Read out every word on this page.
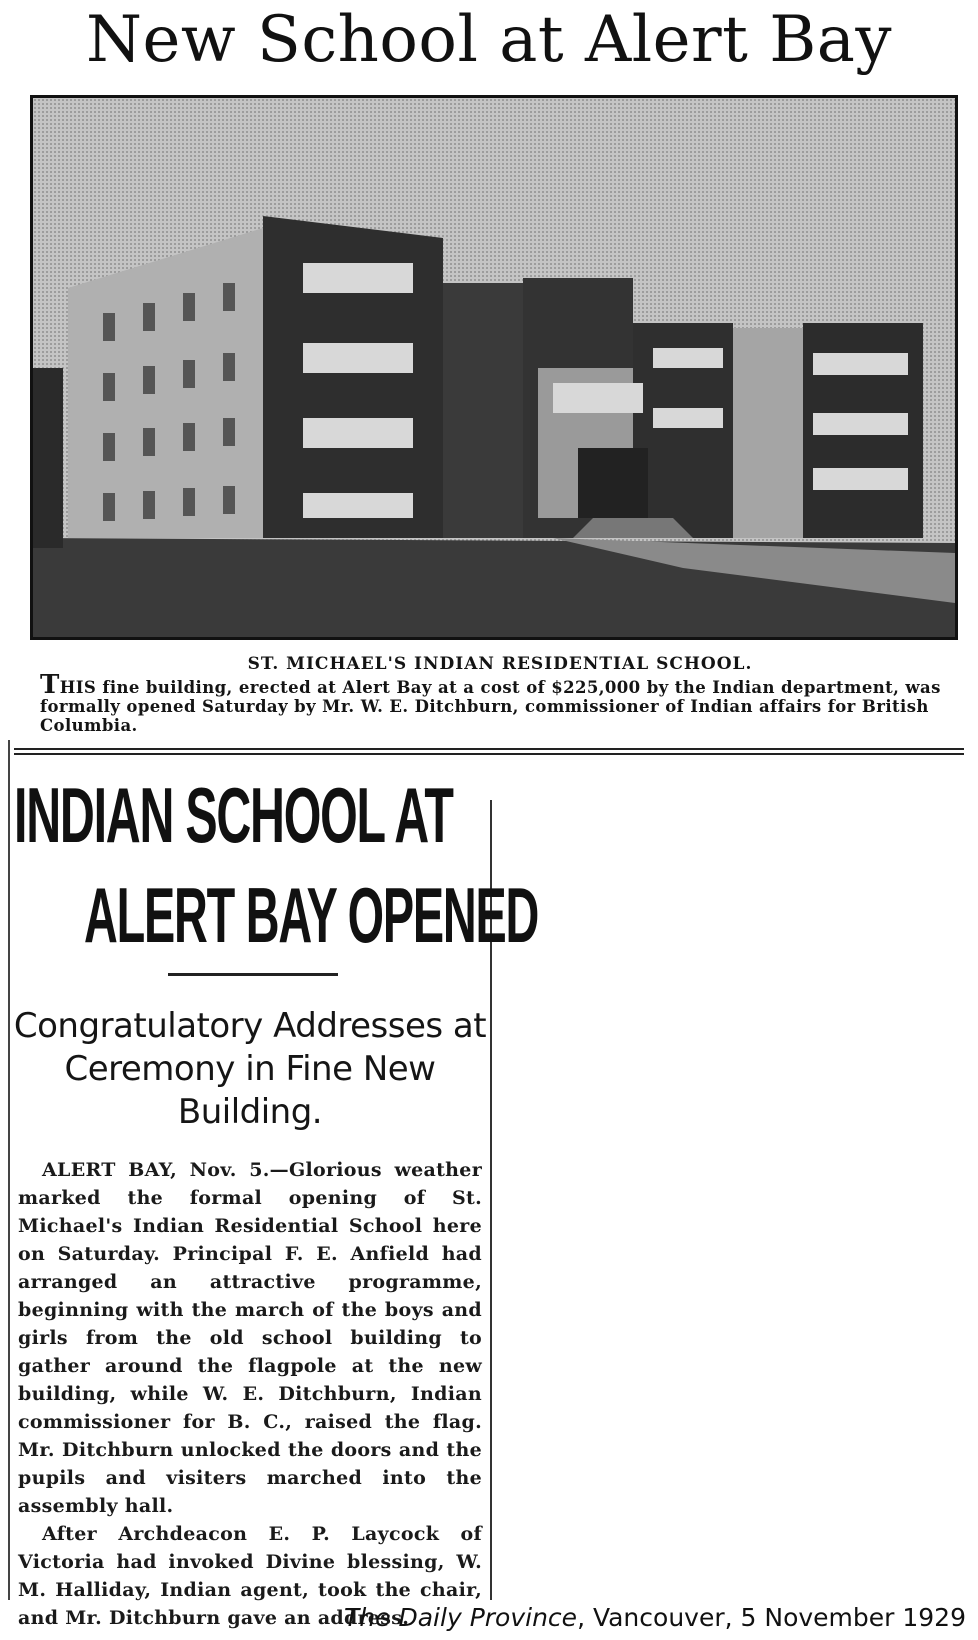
New School at Alert Bay
ST. MICHAEL'S INDIAN RESIDENTIAL SCHOOL.
THIS fine building, erected at Alert Bay at a cost of $225,000 by the Indian department, was formally opened Saturday by Mr. W. E. Ditchburn, commissioner of Indian affairs for British Columbia.
INDIAN SCHOOL AT
ALERT BAY OPENED
Congratulatory Addresses at Ceremony in Fine New Building.

ALERT BAY, Nov. 5.—Glorious weather marked the formal opening of St. Michael's Indian Residential School here on Saturday. Principal F. E. Anfield had arranged an attractive programme, beginning with the march of the boys and girls from the old school building to gather around the flagpole at the new building, while W. E. Ditchburn, Indian commissioner for B. C., raised the flag. Mr. Ditchburn unlocked the doors and the pupils and visiters marched into the assembly hall.

After Archdeacon E. P. Laycock of Victoria had invoked Divine blessing, W. M. Halliday, Indian agent, took the chair, and Mr. Ditchburn gave an address.

The Daily Province, Vancouver, 5 November 1929
